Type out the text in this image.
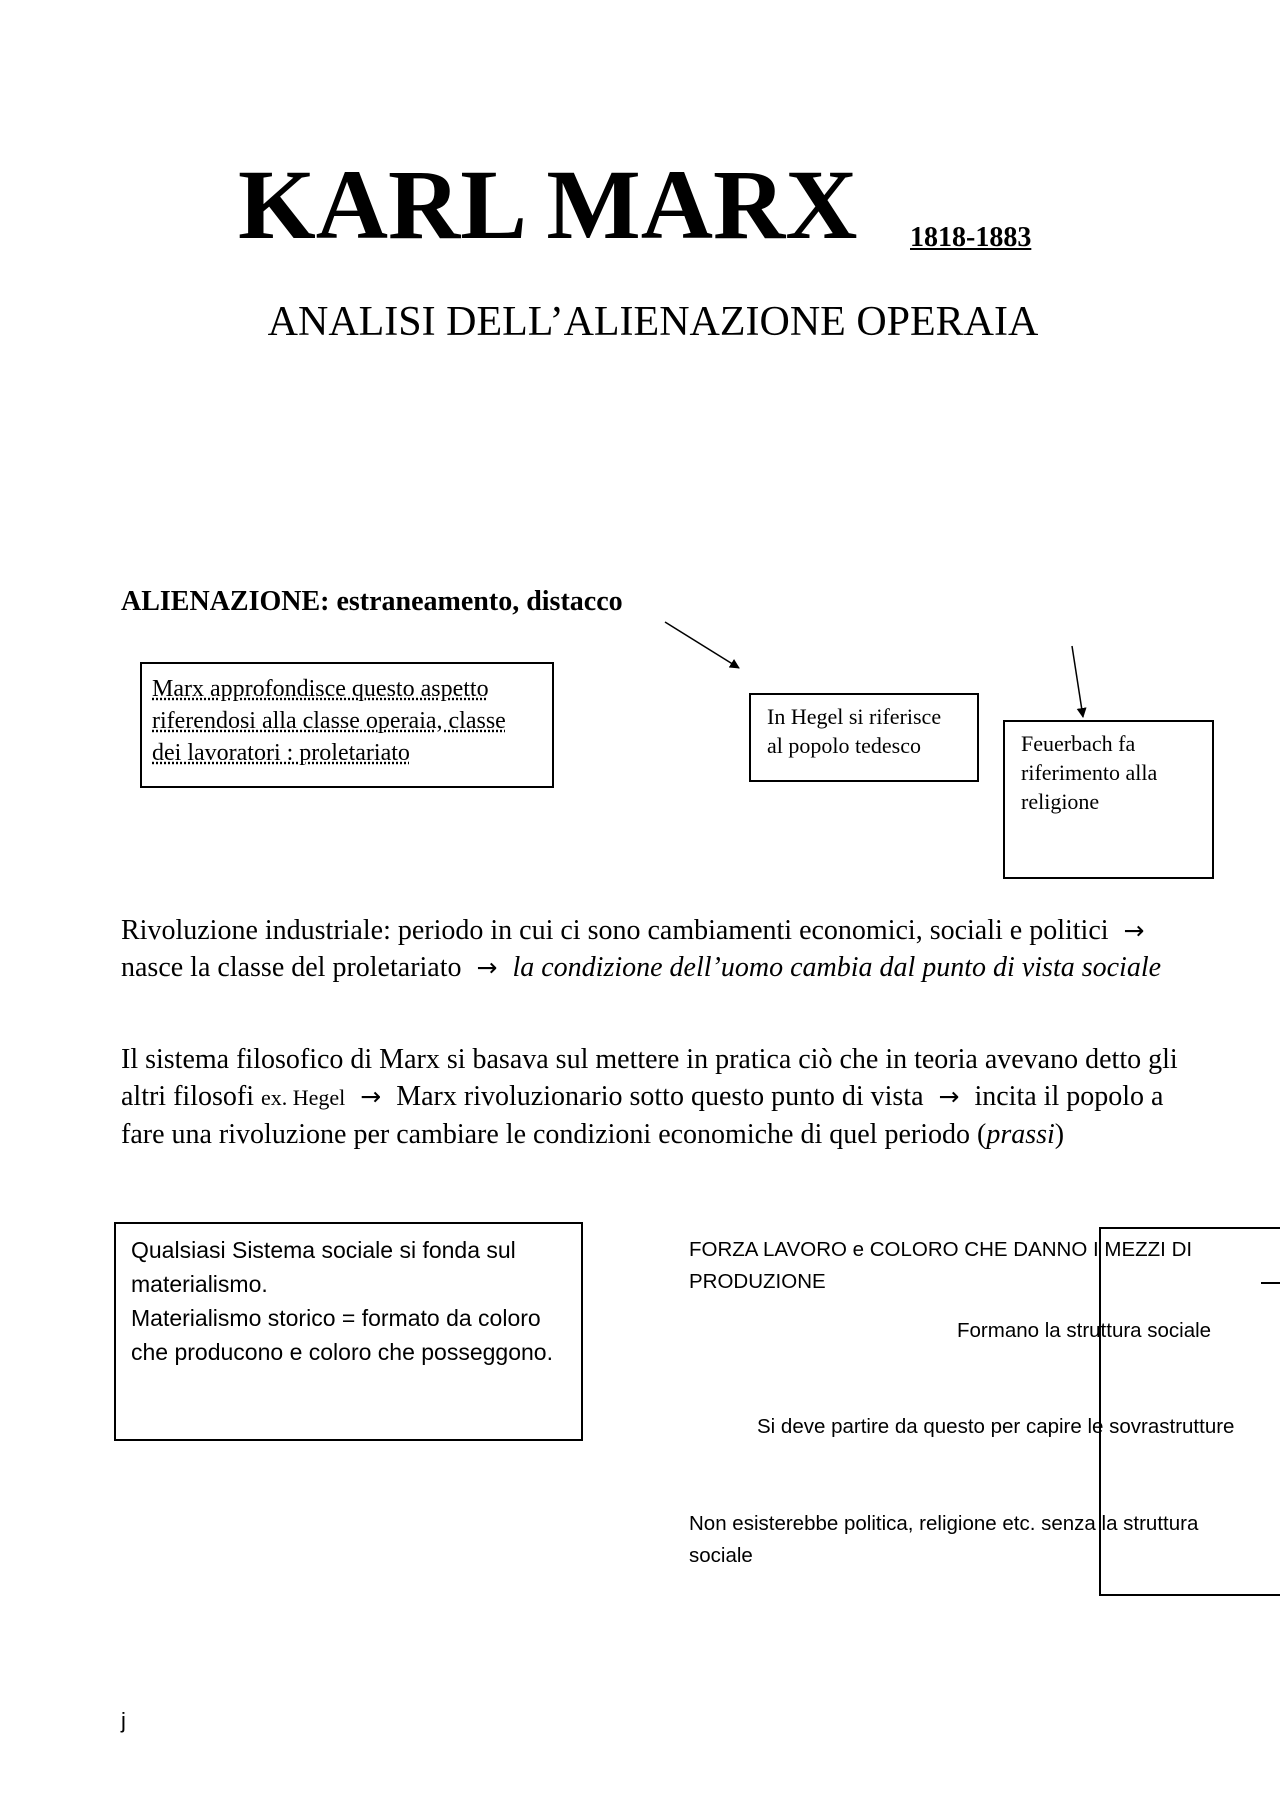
KARL MARX 1818-1883
ANALISI DELL’ALIENAZIONE OPERAIA
ALIENAZIONE: estraneamento, distacco
Marx approfondisce questo aspetto
riferendosi alla classe operaia, classe
dei lavoratori : proletariato
In Hegel si riferisce
al popolo tedesco	Feuerbach fa
riferimento alla
religione
Rivoluzione industriale: periodo in cui ci sono cambiamenti economici, sociali e politici → nasce la classe del proletariato → la condizione dell’uomo cambia dal punto di vista sociale
Il sistema filosofico di Marx si basava sul mettere in pratica ciò che in teoria avevano detto gli altri filosofi ex. Hegel → Marx rivoluzionario sotto questo punto di vista → incita il popolo a fare una rivoluzione per cambiare le condizioni economiche di quel periodo (prassi)
Qualsiasi Sistema sociale si fonda sul
materialismo.
Materialismo storico = formato da coloro
che producono e coloro che posseggono.
FORZA LAVORO e COLORO CHE DANNO I MEZZI DI
PRODUZIONE
Formano la struttura sociale
Si deve partire da questo per capire le sovrastrutture
Non esisterebbe politica, religione etc. senza la struttura
sociale
j
